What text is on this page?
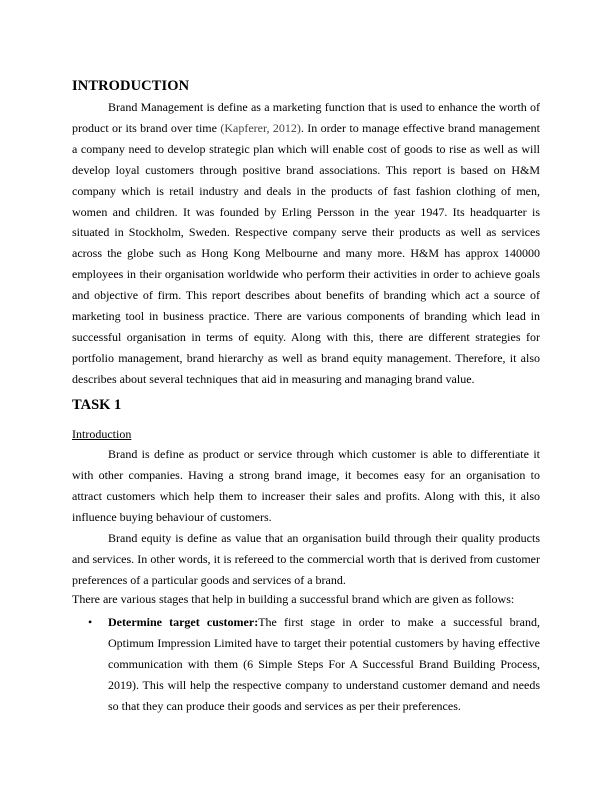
INTRODUCTION

Brand Management is define as a marketing function that is used to enhance the worth of product or its brand over time (Kapferer, 2012). In order to manage effective brand management a company need to develop strategic plan which will enable cost of goods to rise as well as will develop loyal customers through positive brand associations. This report is based on H&M company which is retail industry and deals in the products of fast fashion clothing of men, women and children. It was founded by Erling Persson in the year 1947. Its headquarter is situated in Stockholm, Sweden. Respective company serve their products as well as services across the globe such as Hong Kong Melbourne and many more. H&M has approx 140000 employees in their organisation worldwide who perform their activities in order to achieve goals and objective of firm. This report describes about benefits of branding which act a source of marketing tool in business practice. There are various components of branding which lead in successful organisation in terms of equity. Along with this, there are different strategies for portfolio management, brand hierarchy as well as brand equity management. Therefore, it also describes about several techniques that aid in measuring and managing brand value.

TASK 1
Introduction

Brand is define as product or service through which customer is able to differentiate it with other companies. Having a strong brand image, it becomes easy for an organisation to attract customers which help them to increaser their sales and profits. Along with this, it also influence buying behaviour of customers.

Brand equity is define as value that an organisation build through their quality products and services. In other words, it is refereed to the commercial worth that is derived from customer preferences of a particular goods and services of a brand.

There are various stages that help in building a successful brand which are given as follows:
• Determine target customer:The first stage in order to make a successful brand, Optimum Impression Limited have to target their potential customers by having effective communication with them (6 Simple Steps For A Successful Brand Building Process, 2019). This will help the respective company to understand customer demand and needs so that they can produce their goods and services as per their preferences.
